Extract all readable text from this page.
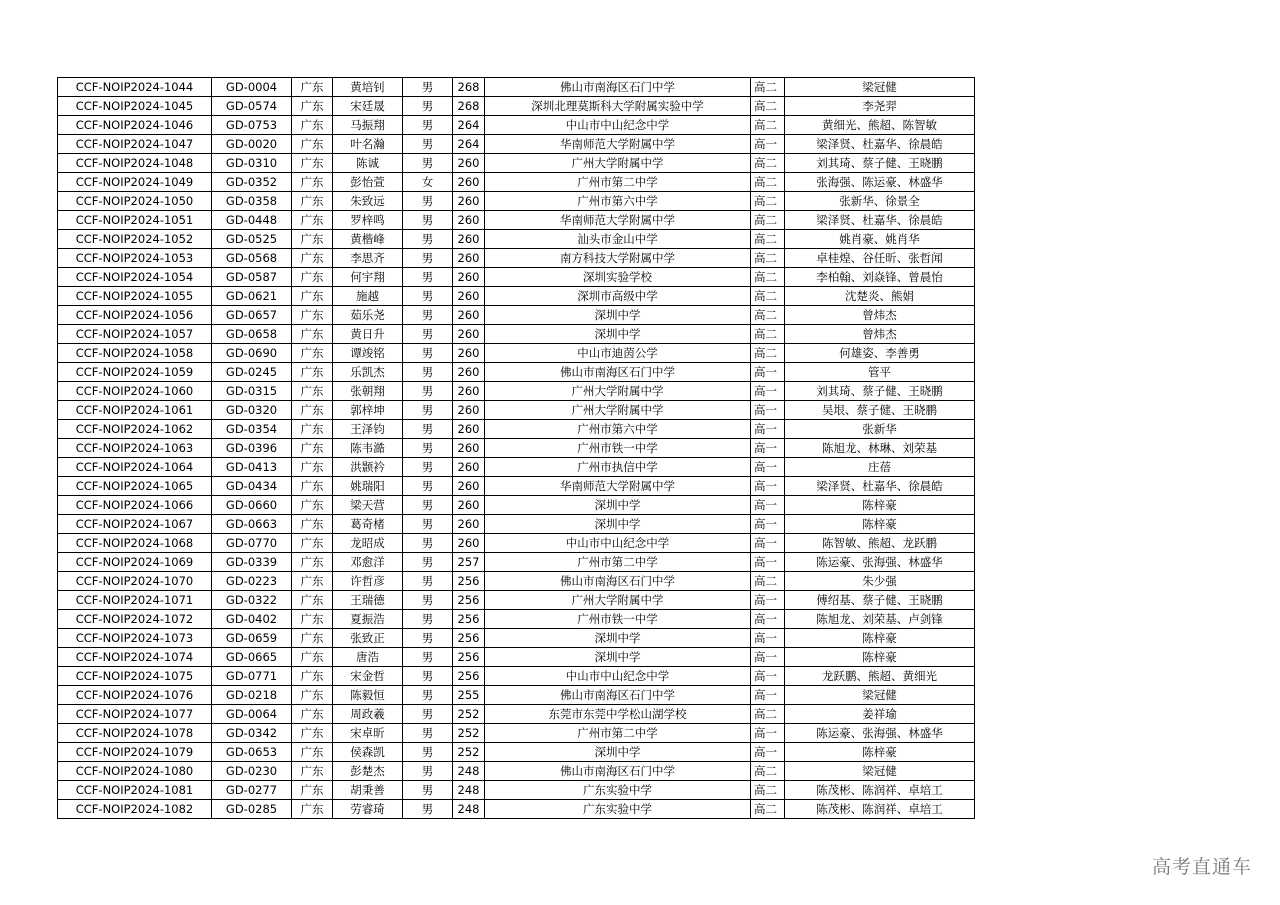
CCF-NOIP2024-1044	GD-0004	广东	黄培钊	男	268	佛山市南海区石门中学	高二	梁冠健
CCF-NOIP2024-1045	GD-0574	广东	宋廷晟	男	268	深圳北理莫斯科大学附属实验中学	高二	李尧羿
CCF-NOIP2024-1046	GD-0753	广东	马振翔	男	264	中山市中山纪念中学	高二	黄细光、熊超、陈智敏
CCF-NOIP2024-1047	GD-0020	广东	叶名瀚	男	264	华南师范大学附属中学	高一	梁泽贤、杜嘉华、徐晨皓
CCF-NOIP2024-1048	GD-0310	广东	陈诚	男	260	广州大学附属中学	高二	刘其琦、蔡子健、王晓鹏
CCF-NOIP2024-1049	GD-0352	广东	彭怡萱	女	260	广州市第二中学	高二	张海强、陈运豪、林盛华
CCF-NOIP2024-1050	GD-0358	广东	朱致远	男	260	广州市第六中学	高二	张新华、徐景全
CCF-NOIP2024-1051	GD-0448	广东	罗梓鸣	男	260	华南师范大学附属中学	高二	梁泽贤、杜嘉华、徐晨皓
CCF-NOIP2024-1052	GD-0525	广东	黄楷峰	男	260	汕头市金山中学	高二	姚肖豪、姚肖华
CCF-NOIP2024-1053	GD-0568	广东	李思齐	男	260	南方科技大学附属中学	高二	卓桂煌、谷任昕、张哲闻
CCF-NOIP2024-1054	GD-0587	广东	何宇翔	男	260	深圳实验学校	高二	李柏翰、刘焱锋、曾晨怡
CCF-NOIP2024-1055	GD-0621	广东	施越	男	260	深圳市高级中学	高二	沈楚炎、熊娟
CCF-NOIP2024-1056	GD-0657	广东	茹乐尧	男	260	深圳中学	高二	曾炜杰
CCF-NOIP2024-1057	GD-0658	广东	黄日升	男	260	深圳中学	高二	曾炜杰
CCF-NOIP2024-1058	GD-0690	广东	谭竣铭	男	260	中山市迪茵公学	高二	何雄姿、李善勇
CCF-NOIP2024-1059	GD-0245	广东	乐凯杰	男	260	佛山市南海区石门中学	高一	管平
CCF-NOIP2024-1060	GD-0315	广东	张朝翔	男	260	广州大学附属中学	高一	刘其琦、蔡子健、王晓鹏
CCF-NOIP2024-1061	GD-0320	广东	郭梓坤	男	260	广州大学附属中学	高一	吴垠、蔡子健、王晓鹏
CCF-NOIP2024-1062	GD-0354	广东	王泽钧	男	260	广州市第六中学	高一	张新华
CCF-NOIP2024-1063	GD-0396	广东	陈韦澔	男	260	广州市铁一中学	高一	陈旭龙、林琳、刘荣基
CCF-NOIP2024-1064	GD-0413	广东	洪颢衿	男	260	广州市执信中学	高一	庄蓓
CCF-NOIP2024-1065	GD-0434	广东	姚瑞阳	男	260	华南师范大学附属中学	高一	梁泽贤、杜嘉华、徐晨皓
CCF-NOIP2024-1066	GD-0660	广东	梁天营	男	260	深圳中学	高一	陈梓豪
CCF-NOIP2024-1067	GD-0663	广东	葛奇楮	男	260	深圳中学	高一	陈梓豪
CCF-NOIP2024-1068	GD-0770	广东	龙昭成	男	260	中山市中山纪念中学	高一	陈智敏、熊超、龙跃鹏
CCF-NOIP2024-1069	GD-0339	广东	邓愈洋	男	257	广州市第二中学	高一	陈运豪、张海强、林盛华
CCF-NOIP2024-1070	GD-0223	广东	许哲彦	男	256	佛山市南海区石门中学	高二	朱少强
CCF-NOIP2024-1071	GD-0322	广东	王瑞德	男	256	广州大学附属中学	高一	傅绍基、蔡子健、王晓鹏
CCF-NOIP2024-1072	GD-0402	广东	夏振浩	男	256	广州市铁一中学	高一	陈旭龙、刘荣基、卢剑锋
CCF-NOIP2024-1073	GD-0659	广东	张致正	男	256	深圳中学	高一	陈梓豪
CCF-NOIP2024-1074	GD-0665	广东	唐浩	男	256	深圳中学	高一	陈梓豪
CCF-NOIP2024-1075	GD-0771	广东	宋金哲	男	256	中山市中山纪念中学	高一	龙跃鹏、熊超、黄细光
CCF-NOIP2024-1076	GD-0218	广东	陈毅恒	男	255	佛山市南海区石门中学	高一	梁冠健
CCF-NOIP2024-1077	GD-0064	广东	周政羲	男	252	东莞市东莞中学松山湖学校	高二	姜祥瑜
CCF-NOIP2024-1078	GD-0342	广东	宋卓昕	男	252	广州市第二中学	高一	陈运豪、张海强、林盛华
CCF-NOIP2024-1079	GD-0653	广东	侯森凯	男	252	深圳中学	高一	陈梓豪
CCF-NOIP2024-1080	GD-0230	广东	彭楚杰	男	248	佛山市南海区石门中学	高二	梁冠健
CCF-NOIP2024-1081	GD-0277	广东	胡秉善	男	248	广东实验中学	高二	陈茂彬、陈润祥、卓培工
CCF-NOIP2024-1082	GD-0285	广东	劳睿琦	男	248	广东实验中学	高二	陈茂彬、陈润祥、卓培工
高考直通车
